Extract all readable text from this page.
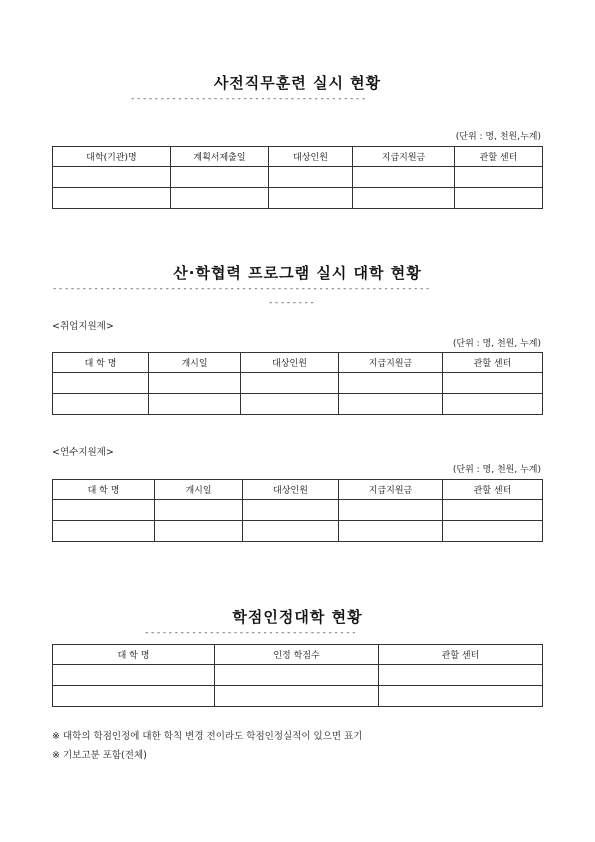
사전직무훈련 실시 현황
----------------------------------------
(단위 : 명, 천원,누계)
대학(기관)명	계획서제출일	대상인원	지급지원금	관할 센터

산·학협력 프로그램 실시 대학 현황
----------------------------------------------------------------
--------
<취업지원제>
(단위 : 명, 천원, 누계)
대 학 명	개시일	대상인원	지급지원금	관할 센터

<연수지원제>
(단위 : 명, 천원, 누계)
대 학 명	개시일	대상인원	지급지원금	관할 센터

학점인정대학 현황
------------------------------------
대 학 명	인정 학점수	관할 센터

※ 대학의 학점인정에 대한 학칙 변경 전이라도 학점인정실적이 있으면 표기
※ 기보고분 포함(전체)
